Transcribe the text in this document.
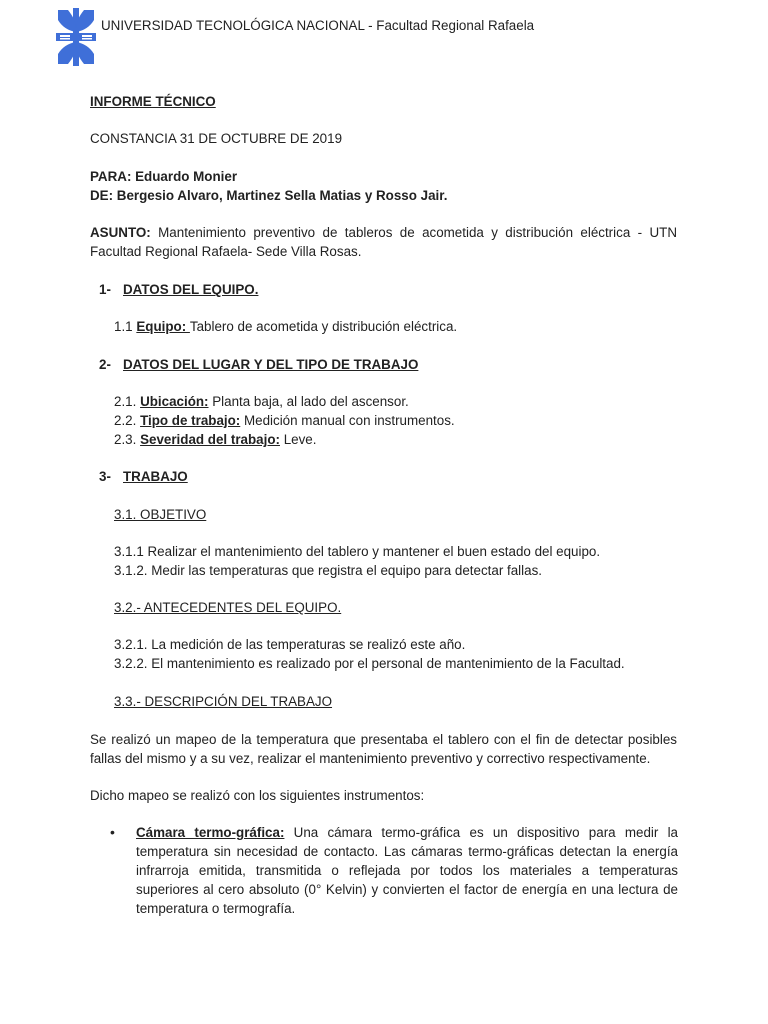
UNIVERSIDAD TECNOLÓGICA NACIONAL - Facultad Regional Rafaela
INFORME TÉCNICO
CONSTANCIA 31 DE OCTUBRE DE 2019
PARA: Eduardo Monier
DE: Bergesio Alvaro, Martinez Sella Matias y Rosso Jair.
ASUNTO: Mantenimiento preventivo de tableros de acometida y distribución eléctrica - UTN Facultad Regional Rafaela- Sede Villa Rosas.
1- DATOS DEL EQUIPO.
1.1 Equipo: Tablero de acometida y distribución eléctrica.
2- DATOS DEL LUGAR Y DEL TIPO DE TRABAJO
2.1. Ubicación: Planta baja, al lado del ascensor.
2.2. Tipo de trabajo: Medición manual con instrumentos.
2.3. Severidad del trabajo: Leve.
3- TRABAJO
3.1. OBJETIVO
3.1.1 Realizar el mantenimiento del tablero y mantener el buen estado del equipo.
3.1.2. Medir las temperaturas que registra el equipo para detectar fallas.
3.2.- ANTECEDENTES DEL EQUIPO.
3.2.1. La medición de las temperaturas se realizó este año.
3.2.2. El mantenimiento es realizado por el personal de mantenimiento de la Facultad.
3.3.- DESCRIPCIÓN DEL TRABAJO
Se realizó un mapeo de la temperatura que presentaba el tablero con el fin de detectar posibles fallas del mismo y a su vez, realizar el mantenimiento preventivo y correctivo respectivamente.
Dicho mapeo se realizó con los siguientes instrumentos:
• Cámara termo-gráfica: Una cámara termo-gráfica es un dispositivo para medir la temperatura sin necesidad de contacto. Las cámaras termo-gráficas detectan la energía infrarroja emitida, transmitida o reflejada por todos los materiales a temperaturas superiores al cero absoluto (0° Kelvin) y convierten el factor de energía en una lectura de temperatura o termografía.
